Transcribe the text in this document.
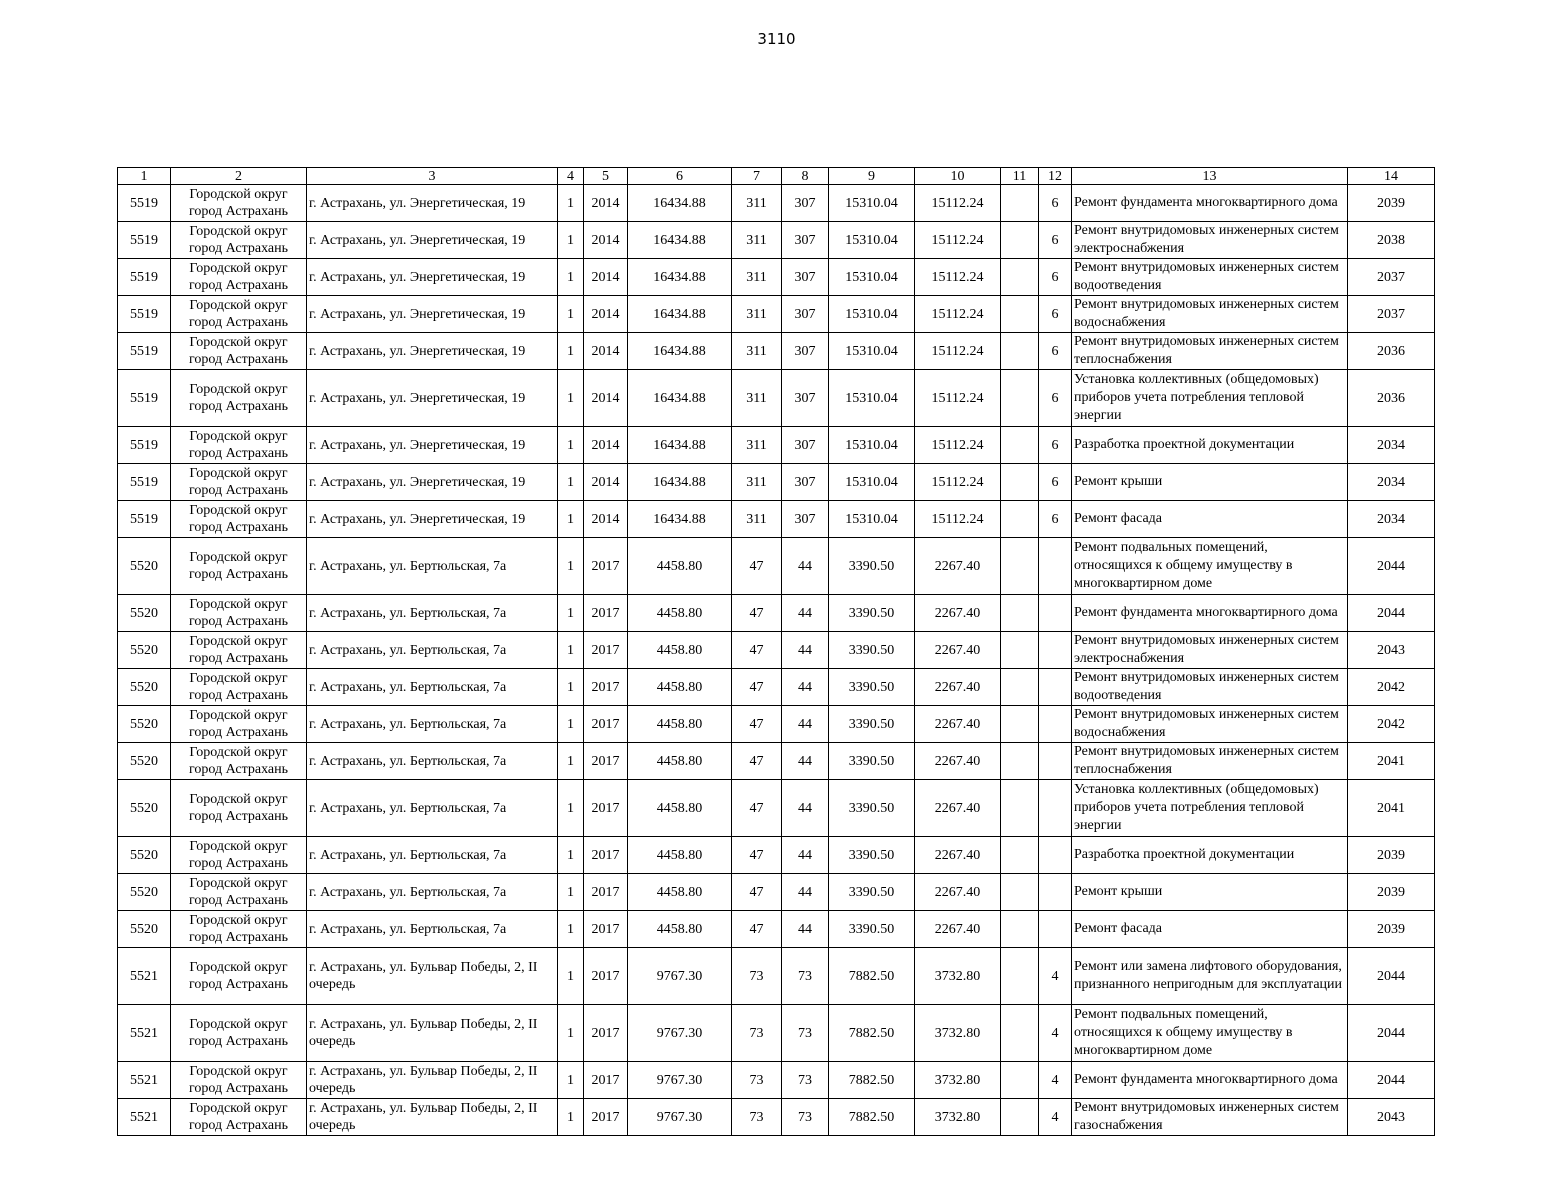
3110
1	2	3	4	5	6	7	8	9	10	11	12	13	14
5519	Городской округ город Астрахань	г. Астрахань, ул. Энергетическая, 19	1	2014	16434.88	311	307	15310.04	15112.24		6	Ремонт фундамента многоквартирного дома	2039
5519	Городской округ город Астрахань	г. Астрахань, ул. Энергетическая, 19	1	2014	16434.88	311	307	15310.04	15112.24		6	Ремонт внутридомовых инженерных систем электроснабжения	2038
5519	Городской округ город Астрахань	г. Астрахань, ул. Энергетическая, 19	1	2014	16434.88	311	307	15310.04	15112.24		6	Ремонт внутридомовых инженерных систем водоотведения	2037
5519	Городской округ город Астрахань	г. Астрахань, ул. Энергетическая, 19	1	2014	16434.88	311	307	15310.04	15112.24		6	Ремонт внутридомовых инженерных систем водоснабжения	2037
5519	Городской округ город Астрахань	г. Астрахань, ул. Энергетическая, 19	1	2014	16434.88	311	307	15310.04	15112.24		6	Ремонт внутридомовых инженерных систем теплоснабжения	2036
5519	Городской округ город Астрахань	г. Астрахань, ул. Энергетическая, 19	1	2014	16434.88	311	307	15310.04	15112.24		6	Установка коллективных (общедомовых) приборов учета потребления тепловой энергии	2036
5519	Городской округ город Астрахань	г. Астрахань, ул. Энергетическая, 19	1	2014	16434.88	311	307	15310.04	15112.24		6	Разработка проектной документации	2034
5519	Городской округ город Астрахань	г. Астрахань, ул. Энергетическая, 19	1	2014	16434.88	311	307	15310.04	15112.24		6	Ремонт крыши	2034
5519	Городской округ город Астрахань	г. Астрахань, ул. Энергетическая, 19	1	2014	16434.88	311	307	15310.04	15112.24		6	Ремонт фасада	2034
5520	Городской округ город Астрахань	г. Астрахань, ул. Бертюльская, 7а	1	2017	4458.80	47	44	3390.50	2267.40			Ремонт подвальных помещений, относящихся к общему имуществу в многоквартирном доме	2044
5520	Городской округ город Астрахань	г. Астрахань, ул. Бертюльская, 7а	1	2017	4458.80	47	44	3390.50	2267.40			Ремонт фундамента многоквартирного дома	2044
5520	Городской округ город Астрахань	г. Астрахань, ул. Бертюльская, 7а	1	2017	4458.80	47	44	3390.50	2267.40			Ремонт внутридомовых инженерных систем электроснабжения	2043
5520	Городской округ город Астрахань	г. Астрахань, ул. Бертюльская, 7а	1	2017	4458.80	47	44	3390.50	2267.40			Ремонт внутридомовых инженерных систем водоотведения	2042
5520	Городской округ город Астрахань	г. Астрахань, ул. Бертюльская, 7а	1	2017	4458.80	47	44	3390.50	2267.40			Ремонт внутридомовых инженерных систем водоснабжения	2042
5520	Городской округ город Астрахань	г. Астрахань, ул. Бертюльская, 7а	1	2017	4458.80	47	44	3390.50	2267.40			Ремонт внутридомовых инженерных систем теплоснабжения	2041
5520	Городской округ город Астрахань	г. Астрахань, ул. Бертюльская, 7а	1	2017	4458.80	47	44	3390.50	2267.40			Установка коллективных (общедомовых) приборов учета потребления тепловой энергии	2041
5520	Городской округ город Астрахань	г. Астрахань, ул. Бертюльская, 7а	1	2017	4458.80	47	44	3390.50	2267.40			Разработка проектной документации	2039
5520	Городской округ город Астрахань	г. Астрахань, ул. Бертюльская, 7а	1	2017	4458.80	47	44	3390.50	2267.40			Ремонт крыши	2039
5520	Городской округ город Астрахань	г. Астрахань, ул. Бертюльская, 7а	1	2017	4458.80	47	44	3390.50	2267.40			Ремонт фасада	2039
5521	Городской округ город Астрахань	г. Астрахань, ул. Бульвар Победы, 2, II очередь	1	2017	9767.30	73	73	7882.50	3732.80		4	Ремонт или замена лифтового оборудования, признанного непригодным для эксплуатации	2044
5521	Городской округ город Астрахань	г. Астрахань, ул. Бульвар Победы, 2, II очередь	1	2017	9767.30	73	73	7882.50	3732.80		4	Ремонт подвальных помещений, относящихся к общему имуществу в многоквартирном доме	2044
5521	Городской округ город Астрахань	г. Астрахань, ул. Бульвар Победы, 2, II очередь	1	2017	9767.30	73	73	7882.50	3732.80		4	Ремонт фундамента многоквартирного дома	2044
5521	Городской округ город Астрахань	г. Астрахань, ул. Бульвар Победы, 2, II очередь	1	2017	9767.30	73	73	7882.50	3732.80		4	Ремонт внутридомовых инженерных систем газоснабжения	2043
